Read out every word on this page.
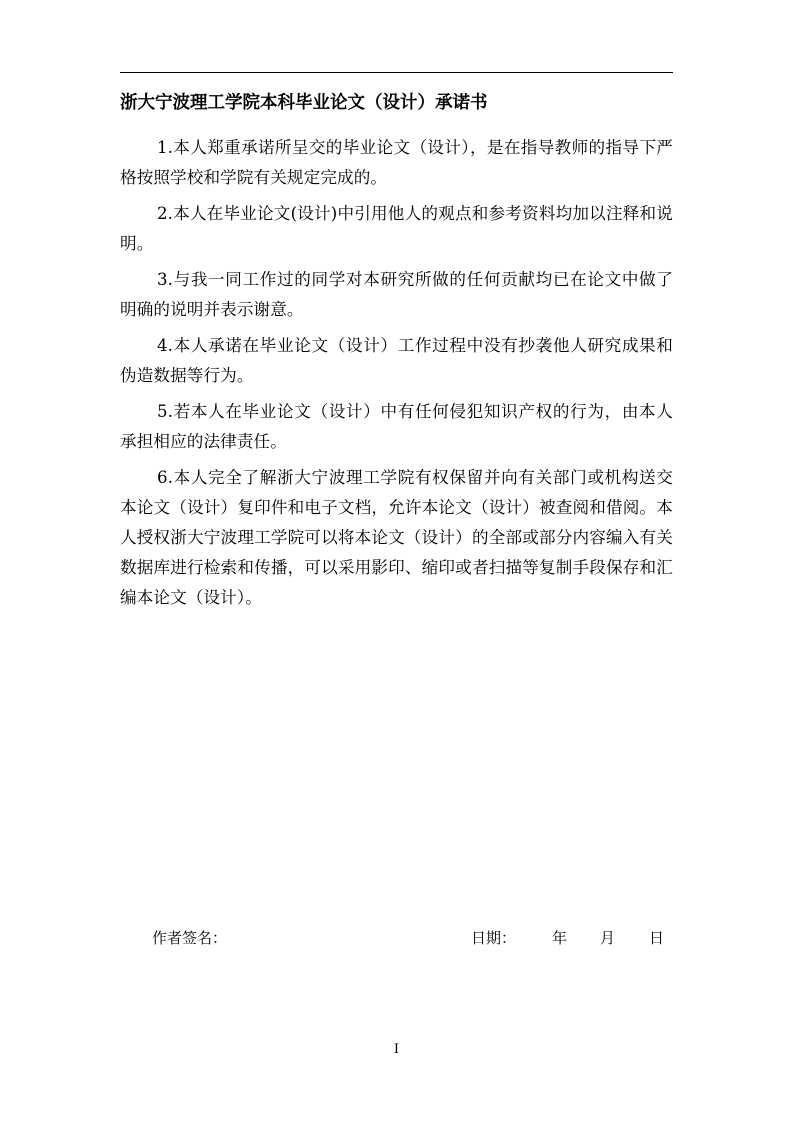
浙大宁波理工学院本科毕业论文（设计）承诺书

1.本人郑重承诺所呈交的毕业论文（设计），是在指导教师的指导下严格按照学校和学院有关规定完成的。

2.本人在毕业论文(设计)中引用他人的观点和参考资料均加以注释和说明。

3.与我一同工作过的同学对本研究所做的任何贡献均已在论文中做了明确的说明并表示谢意。

4.本人承诺在毕业论文（设计）工作过程中没有抄袭他人研究成果和伪造数据等行为。

5.若本人在毕业论文（设计）中有任何侵犯知识产权的行为，由本人承担相应的法律责任。

6.本人完全了解浙大宁波理工学院有权保留并向有关部门或机构送交本论文（设计）复印件和电子文档，允许本论文（设计）被查阅和借阅。本人授权浙大宁波理工学院可以将本论文（设计）的全部或部分内容编入有关数据库进行检索和传播，可以采用影印、缩印或者扫描等复制手段保存和汇编本论文（设计）。

作者签名：	日期： 年 月 日
I
